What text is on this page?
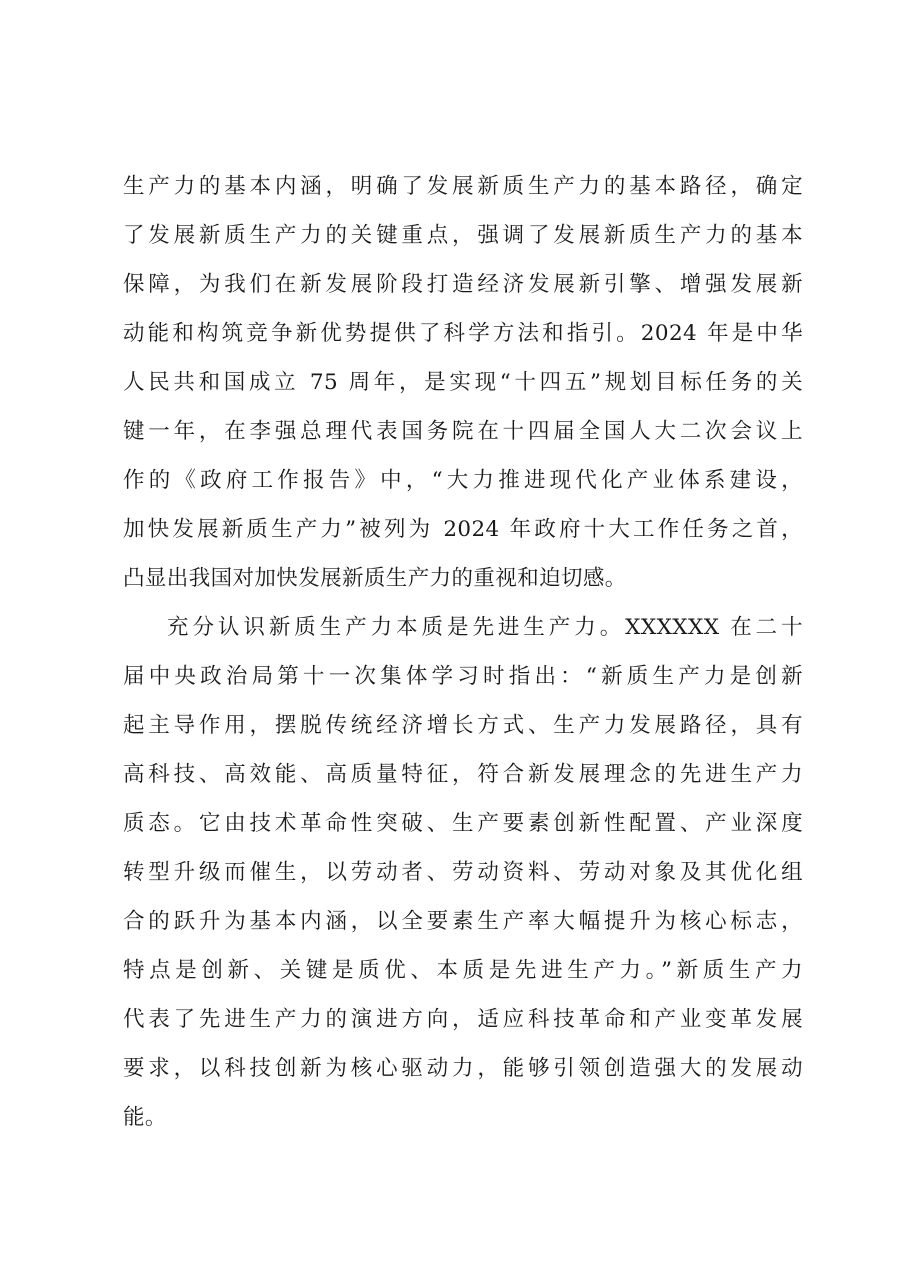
生产力的基本内涵，明确了发展新质生产力的基本路径，确定
了发展新质生产力的关键重点，强调了发展新质生产力的基本
保障，为我们在新发展阶段打造经济发展新引擎、增强发展新
动能和构筑竞争新优势提供了科学方法和指引。2024 年是中华
人民共和国成立 75 周年，是实现“十四五”规划目标任务的关
键一年，在李强总理代表国务院在十四届全国人大二次会议上
作的《政府工作报告》中，“大力推进现代化产业体系建设，
加快发展新质生产力”被列为 2024 年政府十大工作任务之首，
凸显出我国对加快发展新质生产力的重视和迫切感。
充分认识新质生产力本质是先进生产力。XXXXXX 在二十
届中央政治局第十一次集体学习时指出：“新质生产力是创新
起主导作用，摆脱传统经济增长方式、生产力发展路径，具有
高科技、高效能、高质量特征，符合新发展理念的先进生产力
质态。它由技术革命性突破、生产要素创新性配置、产业深度
转型升级而催生，以劳动者、劳动资料、劳动对象及其优化组
合的跃升为基本内涵，以全要素生产率大幅提升为核心标志，
特点是创新、关键是质优、本质是先进生产力。”新质生产力
代表了先进生产力的演进方向，适应科技革命和产业变革发展
要求，以科技创新为核心驱动力，能够引领创造强大的发展动
能。
